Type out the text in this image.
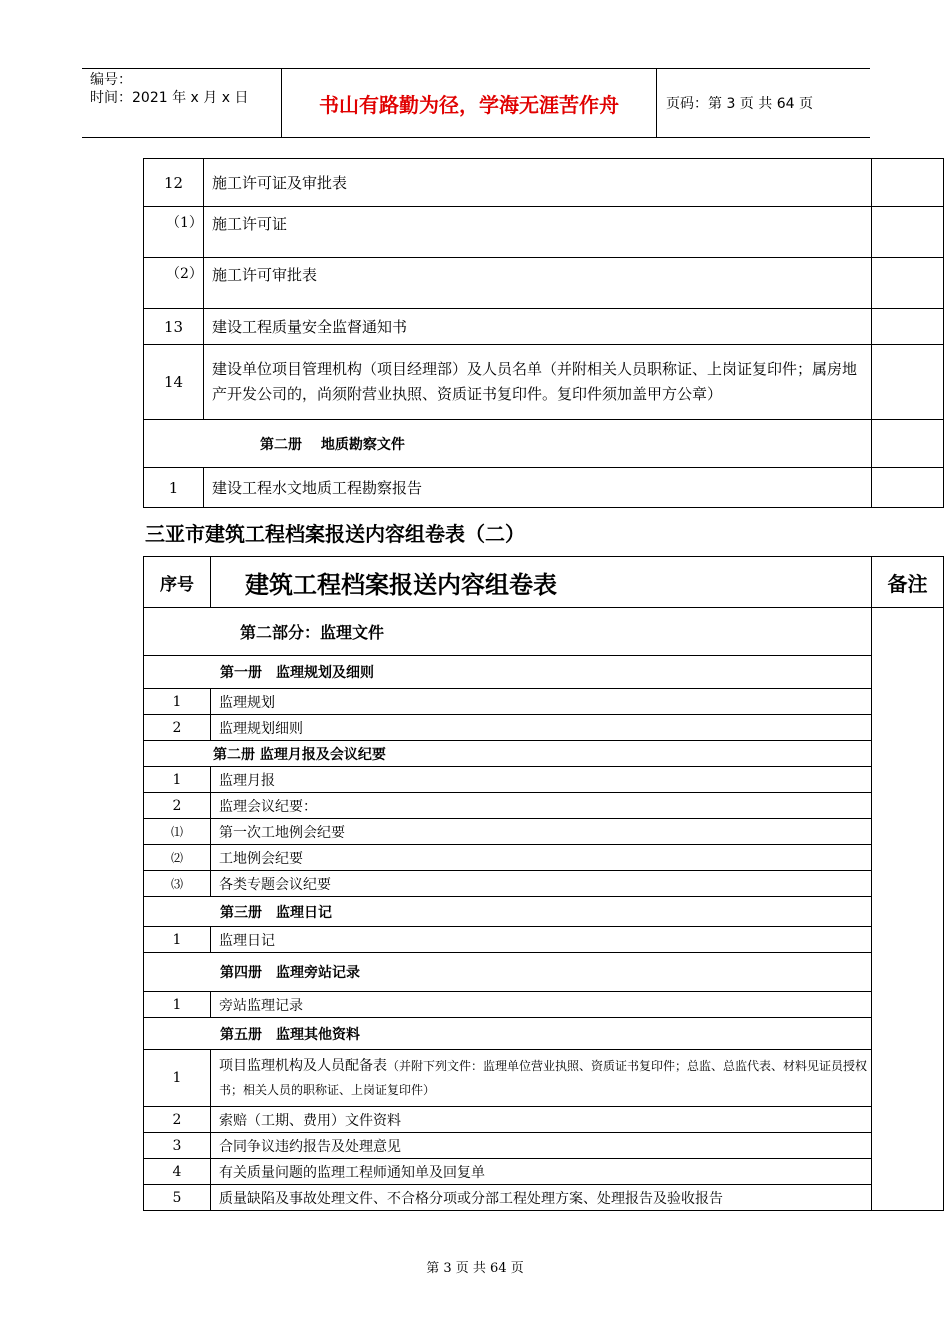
编号：
时间：2021 年 x 月 x 日	书山有路勤为径，学海无涯苦作舟	页码：第 3 页 共 64 页
12	施工许可证及审批表	
（1）	施工许可证	
（2）	施工许可审批表	
13	建设工程质量安全监督通知书	
14	建设单位项目管理机构（项目经理部）及人员名单（并附相关人员职称证、上岗证复印件；属房地产开发公司的，尚须附营业执照、资质证书复印件。复印件须加盖甲方公章）	
第二册　 地质勘察文件		
1	建设工程水文地质工程勘察报告	
三亚市建筑工程档案报送内容组卷表（二）
序号	建筑工程档案报送内容组卷表	备注
第二部分：监理文件		
第一册　监理规划及细则		
1	监理规划	
2	监理规划细则	
第二册 监理月报及会议纪要		
1	监理月报	
2	监理会议纪要：	
⑴	第一次工地例会纪要	
⑵	工地例会纪要	
⑶	各类专题会议纪要	
第三册　监理日记		
1	监理日记	
第四册　监理旁站记录		
1	旁站监理记录	
第五册　监理其他资料		
1	项目监理机构及人员配备表（并附下列文件：监理单位营业执照、资质证书复印件；总监、总监代表、材料见证员授权书；相关人员的职称证、上岗证复印件）	
2	索赔（工期、费用）文件资料	
3	合同争议违约报告及处理意见	
4	有关质量问题的监理工程师通知单及回复单	
5	质量缺陷及事故处理文件、不合格分项或分部工程处理方案、处理报告及验收报告	
第 3 页 共 64 页
